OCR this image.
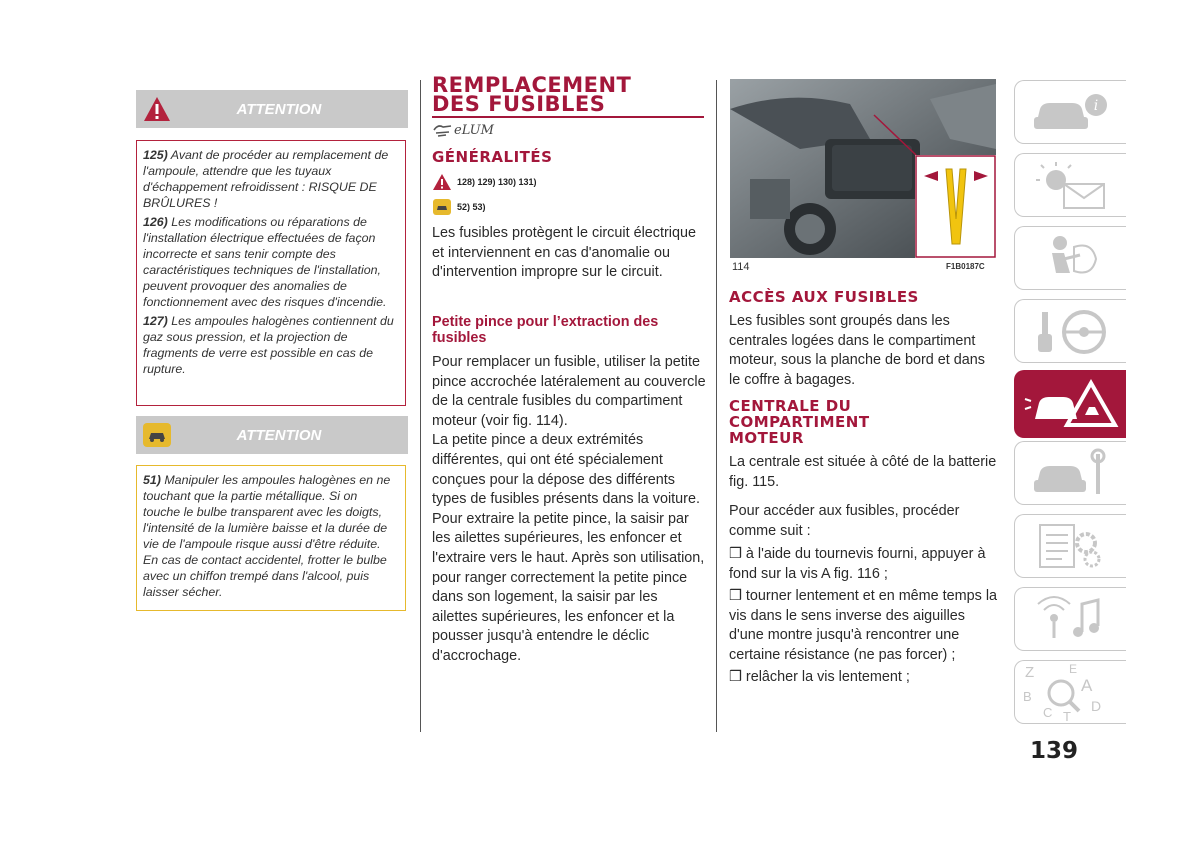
ATTENTION

125) Avant de procéder au remplacement de l'ampoule, attendre que les tuyaux d'échappement refroidissent : RISQUE DE BRÛLURES !

126) Les modifications ou réparations de l'installation électrique effectuées de façon incorrecte et sans tenir compte des caractéristiques techniques de l'installation, peuvent provoquer des anomalies de fonctionnement avec des risques d'incendie.

127) Les ampoules halogènes contiennent du gaz sous pression, et la projection de fragments de verre est possible en cas de rupture.

ATTENTION

51) Manipuler les ampoules halogènes en ne touchant que la partie métallique. Si on touche le bulbe transparent avec les doigts, l'intensité de la lumière baisse et la durée de vie de l'ampoule risque aussi d'être réduite. En cas de contact accidentel, frotter le bulbe avec un chiffon trempé dans l'alcool, puis laisser sécher.

REMPLACEMENT
DES FUSIBLES
eLUM
GÉNÉRALITÉS
128) 129) 130) 131)
52) 53)
Les fusibles protègent le circuit électrique et interviennent en cas d'anomalie ou d'intervention impropre sur le circuit.
Petite pince pour l’extraction des fusibles
Pour remplacer un fusible, utiliser la petite pince accrochée latéralement au couvercle de la centrale fusibles du compartiment moteur (voir fig. 114).
La petite pince a deux extrémités différentes, qui ont été spécialement conçues pour la dépose des différents types de fusibles présents dans la voiture.
Pour extraire la petite pince, la saisir par les ailettes supérieures, les enfoncer et l'extraire vers le haut. Après son utilisation, pour ranger correctement la petite pince dans son logement, la saisir par les ailettes supérieures, les enfoncer et la pousser jusqu'à entendre le déclic d'accrochage.
114	F1B0187C
ACCÈS AUX FUSIBLES
Les fusibles sont groupés dans les centrales logées dans le compartiment moteur, sous la planche de bord et dans le coffre à bagages.
CENTRALE DU
COMPARTIMENT
MOTEUR
La centrale est située à côté de la batterie fig. 115.
Pour accéder aux fusibles, procéder comme suit :
❒ à l'aide du tournevis fourni, appuyer à fond sur la vis A fig. 116 ;
❒ tourner lentement et en même temps la vis dans le sens inverse des aiguilles d'une montre jusqu'à rencontrer une certaine résistance (ne pas forcer) ;
❒ relâcher la vis lentement ;
i
Z	E
B
A
C T
D
139
